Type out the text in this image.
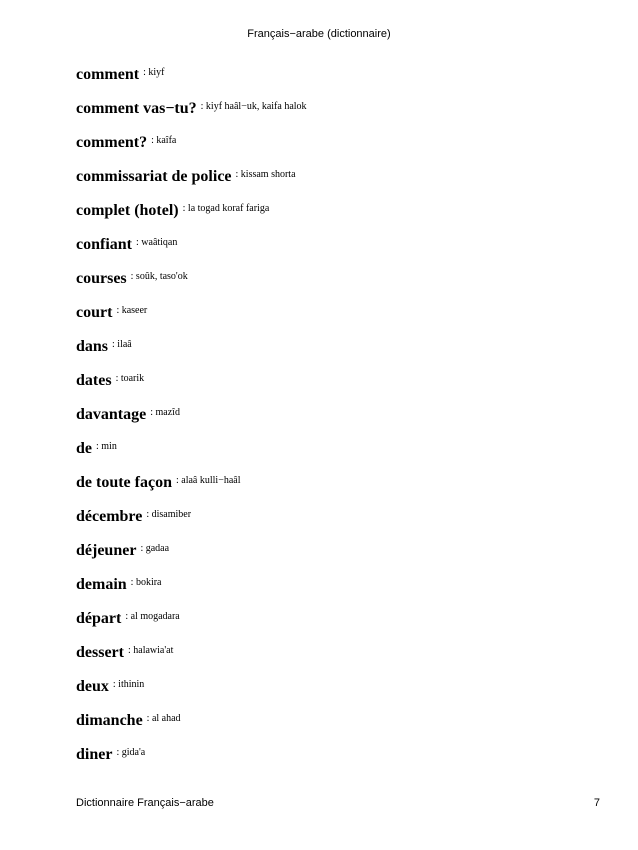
Français−arabe (dictionnaire)
comment : kiyf
comment vas−tu? : kiyf haâl−uk, kaifa halok
comment? : kaîfa
commissariat de police : kissam shorta
complet (hotel) : la togad koraf fariga
confiant : waâtiqan
courses : soûk, taso'ok
court : kaseer
dans : ilaâ
dates : toarik
davantage : mazîd
de : min
de toute façon : alaâ kulli−haâl
décembre : disamiber
déjeuner : gadaa
demain : bokira
départ : al mogadara
dessert : halawia'at
deux : ithinin
dimanche : al ahad
diner : gida'a
Dictionnaire Français−arabe	7
